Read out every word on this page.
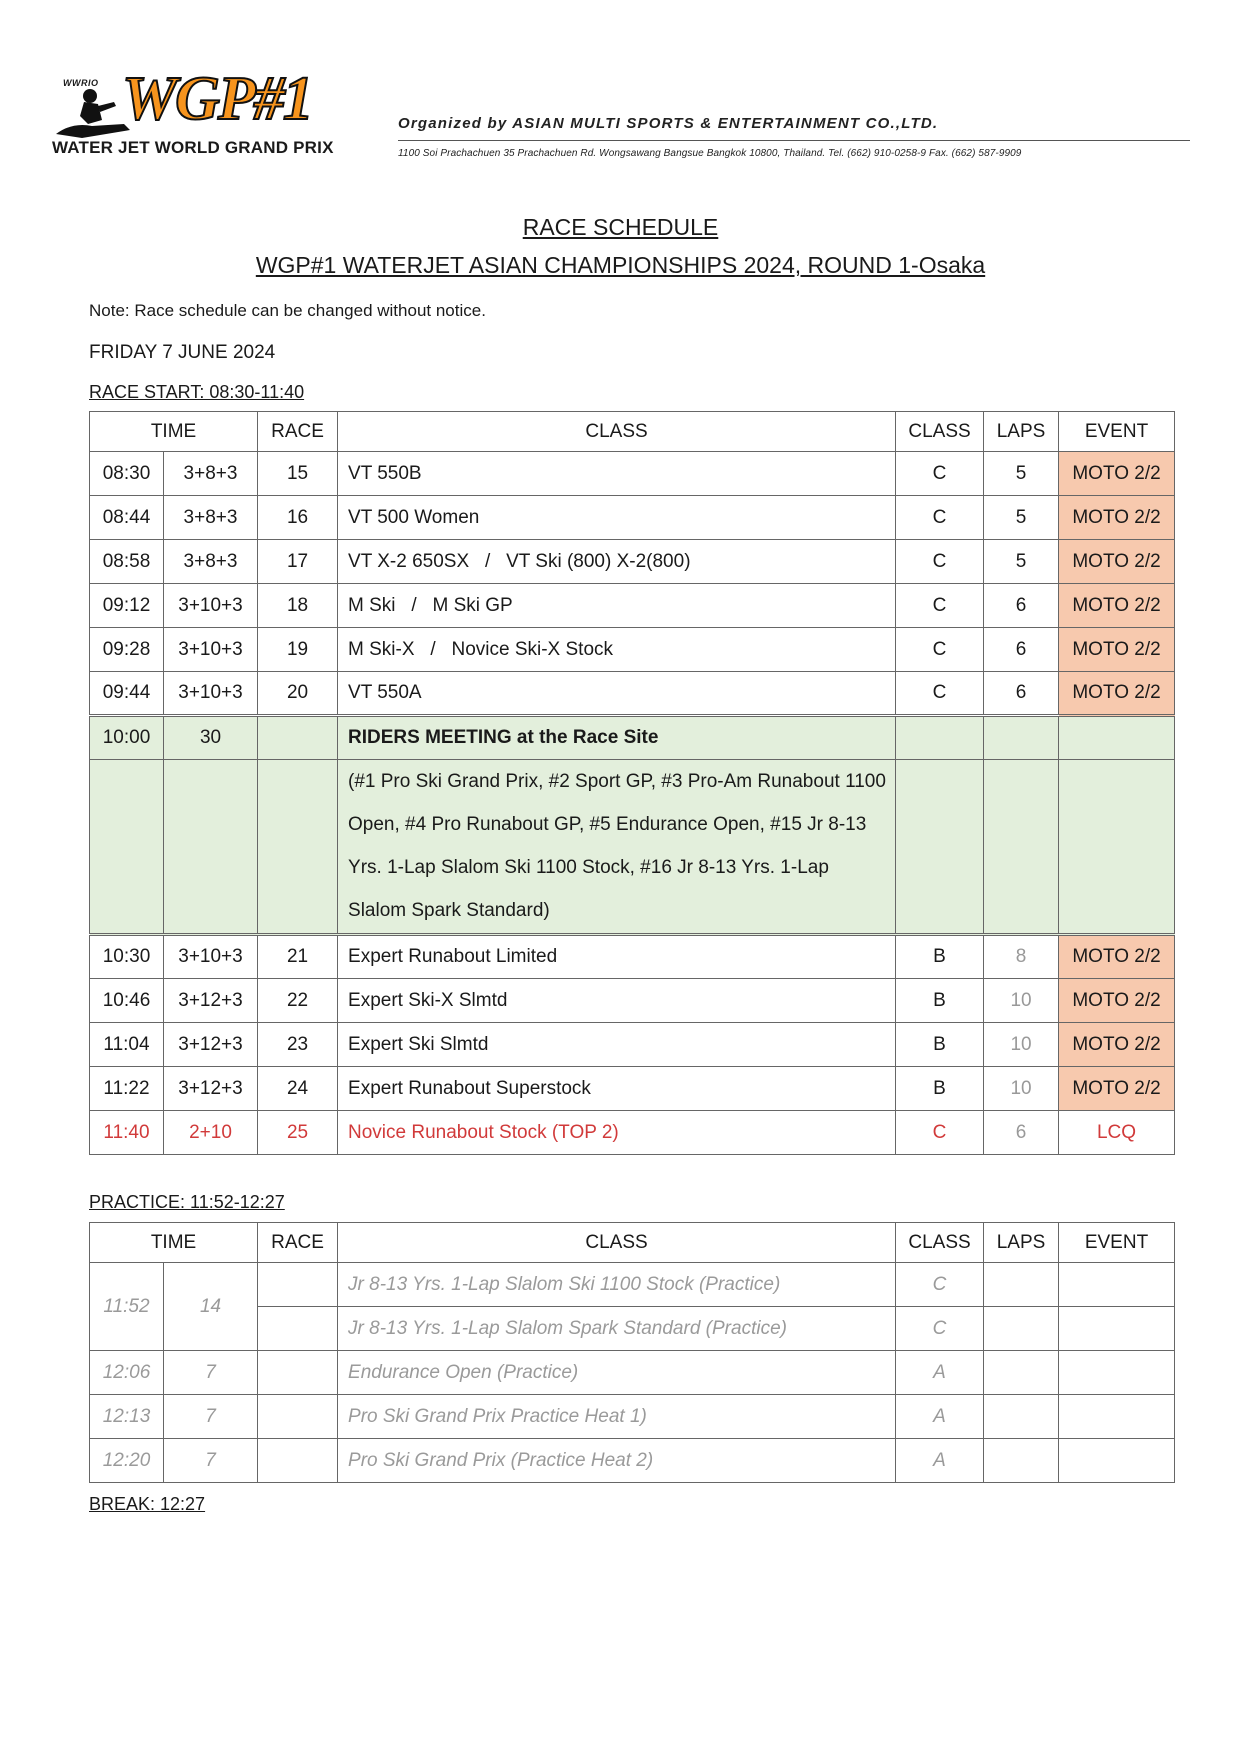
WWRIO WGP#1
WATER JET WORLD GRAND PRIX
Organized by ASIAN MULTI SPORTS & ENTERTAINMENT CO.,LTD.
1100 Soi Prachachuen 35 Prachachuen Rd. Wongsawang Bangsue Bangkok 10800, Thailand. Tel. (662) 910-0258-9 Fax. (662) 587-9909
RACE SCHEDULE
WGP#1 WATERJET ASIAN CHAMPIONSHIPS 2024, ROUND 1-Osaka
Note: Race schedule can be changed without notice.
FRIDAY 7 JUNE 2024
RACE START: 08:30-11:40
TIME		RACE	CLASS	CLASS	LAPS	EVENT
08:30	3+8+3	15	VT 550B	C	5	MOTO 2/2
08:44	3+8+3	16	VT 500 Women	C	5	MOTO 2/2
08:58	3+8+3	17	VT X-2 650SX   /   VT Ski (800) X-2(800)	C	5	MOTO 2/2
09:12	3+10+3	18	M Ski   /   M Ski GP	C	6	MOTO 2/2
09:28	3+10+3	19	M Ski-X   /   Novice Ski-X Stock	C	6	MOTO 2/2
09:44	3+10+3	20	VT 550A	C	6	MOTO 2/2
10:00	30		RIDERS MEETING at the Race Site			
			(#1 Pro Ski Grand Prix, #2 Sport GP, #3 Pro-Am Runabout 1100 Open, #4 Pro Runabout GP, #5 Endurance Open, #15 Jr 8-13 Yrs. 1-Lap Slalom Ski 1100 Stock, #16 Jr 8-13 Yrs. 1-Lap Slalom Spark Standard)			
10:30	3+10+3	21	Expert Runabout Limited	B	8	MOTO 2/2
10:46	3+12+3	22	Expert Ski-X Slmtd	B	10	MOTO 2/2
11:04	3+12+3	23	Expert Ski Slmtd	B	10	MOTO 2/2
11:22	3+12+3	24	Expert Runabout Superstock	B	10	MOTO 2/2
11:40	2+10	25	Novice Runabout Stock (TOP 2)	C	6	LCQ
PRACTICE: 11:52-12:27
TIME		RACE	CLASS	CLASS	LAPS	EVENT
11:52	14		Jr 8-13 Yrs. 1-Lap Slalom Ski 1100 Stock (Practice)	C		
			Jr 8-13 Yrs. 1-Lap Slalom Spark Standard (Practice)	C		
12:06	7		Endurance Open (Practice)	A		
12:13	7		Pro Ski Grand Prix Practice Heat 1)	A		
12:20	7		Pro Ski Grand Prix (Practice Heat 2)	A		
BREAK: 12:27
